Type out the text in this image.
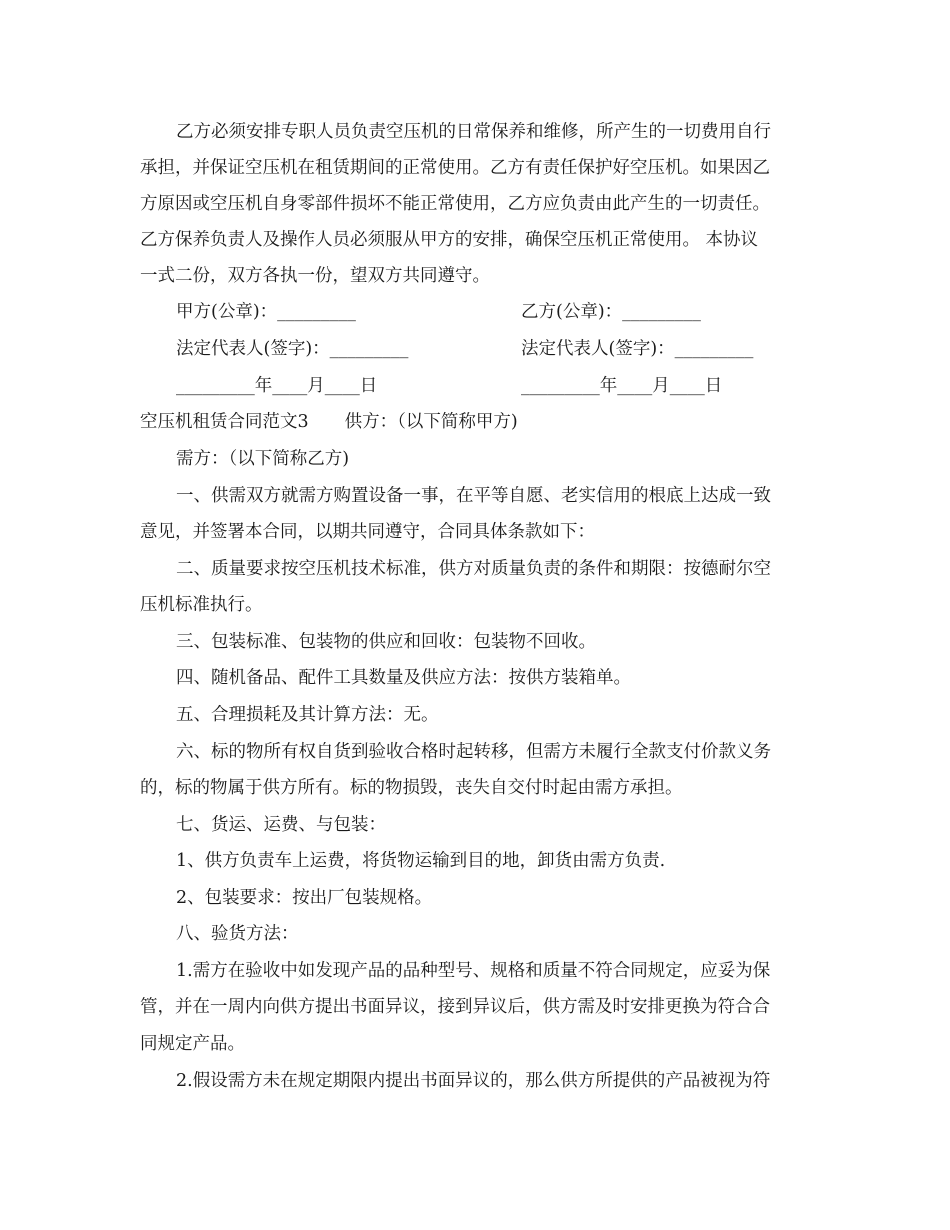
乙方必须安排专职人员负责空压机的日常保养和维修，所产生的一切费用自行
承担，并保证空压机在租赁期间的正常使用。乙方有责任保护好空压机。如果因乙
方原因或空压机自身零部件损坏不能正常使用，乙方应负责由此产生的一切责任。
乙方保养负责人及操作人员必须服从甲方的安排，确保空压机正常使用。 本协议
一式二份，双方各执一份，望双方共同遵守。
甲方(公章)：_________	乙方(公章)：_________
法定代表人(签字)：_________	法定代表人(签字)：_________
_________年____月____日	_________年____月____日
空压机租赁合同范文3 供方：（以下简称甲方)
需方：（以下简称乙方)
一、供需双方就需方购置设备一事，在平等自愿、老实信用的根底上达成一致
意见，并签署本合同，以期共同遵守，合同具体条款如下：
二、质量要求按空压机技术标准，供方对质量负责的条件和期限：按德耐尔空
压机标准执行。
三、包装标准、包装物的供应和回收：包装物不回收。
四、随机备品、配件工具数量及供应方法：按供方装箱单。
五、合理损耗及其计算方法：无。
六、标的物所有权自货到验收合格时起转移，但需方未履行全款支付价款义务
的，标的物属于供方所有。标的物损毁，丧失自交付时起由需方承担。
七、货运、运费、与包装：
1、供方负责车上运费，将货物运输到目的地，卸货由需方负责.
2、包装要求：按出厂包装规格。
八、验货方法：
1.需方在验收中如发现产品的品种型号、规格和质量不符合同规定，应妥为保
管，并在一周内向供方提出书面异议，接到异议后，供方需及时安排更换为符合合
同规定产品。
2.假设需方未在规定期限内提出书面异议的，那么供方所提供的产品被视为符
